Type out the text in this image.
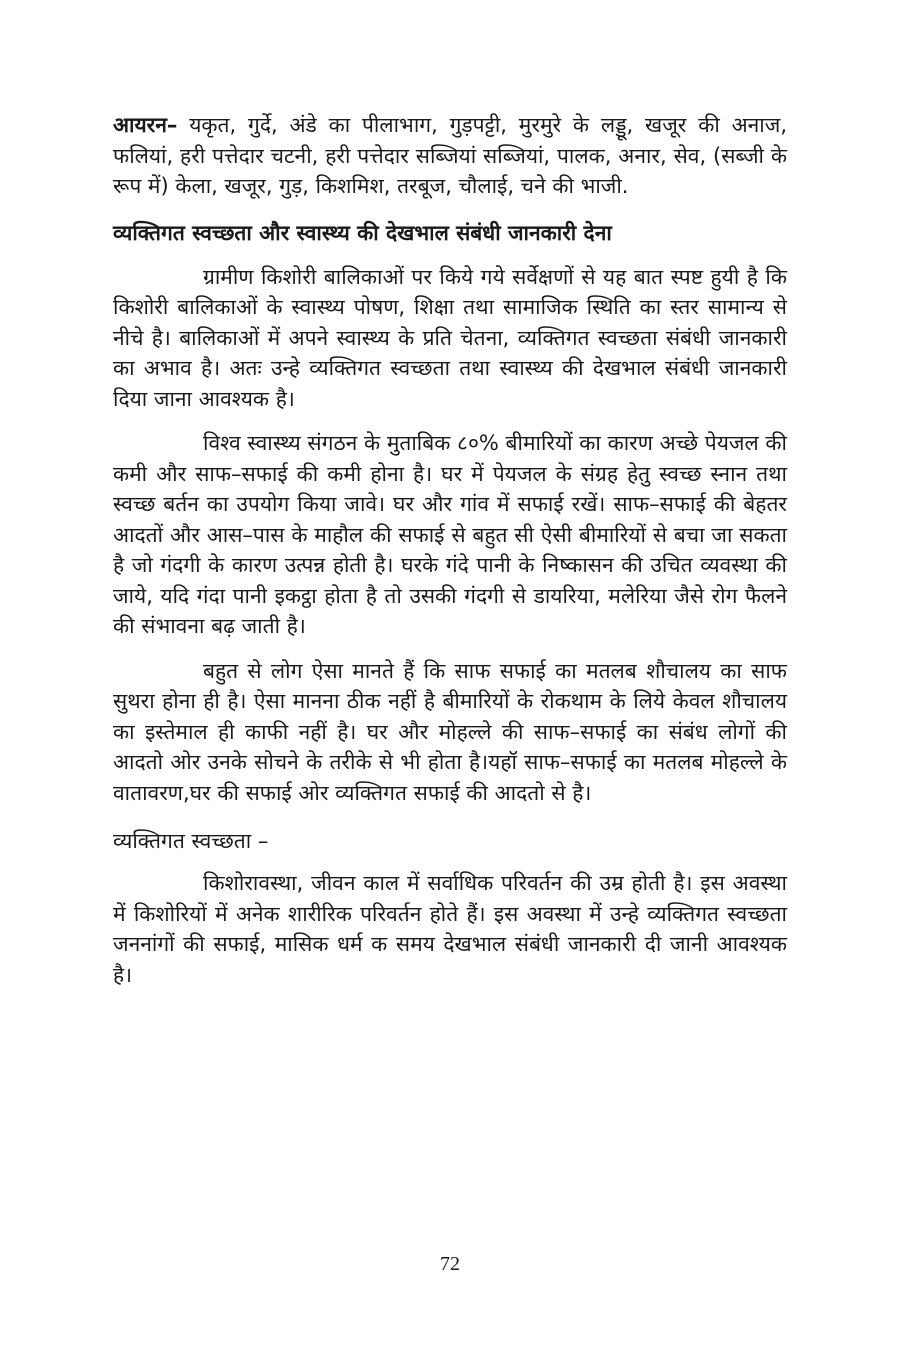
आयरन– यकृत, गुर्दे, अंडे का पीलाभाग, गुड़पट्टी, मुरमुरे के लड्डू, खजूर की अनाज, फलियां, हरी पत्तेदार चटनी, हरी पत्तेदार सब्जियां सब्जियां, पालक, अनार, सेव, (सब्जी के रूप में) केला, खजूर, गुड़, किशमिश, तरबूज, चौलाई, चने की भाजी.

व्यक्तिगत स्वच्छता और स्वास्थ्य की देखभाल संबंधी जानकारी देना

ग्रामीण किशोरी बालिकाओं पर किये गये सर्वेक्षणों से यह बात स्पष्ट हुयी है कि किशोरी बालिकाओं के स्वास्थ्य पोषण, शिक्षा तथा सामाजिक स्थिति का स्तर सामान्य से नीचे है। बालिकाओं में अपने स्वास्थ्य के प्रति चेतना, व्यक्तिगत स्वच्छता संबंधी जानकारी का अभाव है। अतः उन्हे व्यक्तिगत स्वच्छता तथा स्वास्थ्य की देखभाल संबंधी जानकारी दिया जाना आवश्यक है।

विश्व स्वास्थ्य संगठन के मुताबिक ८०% बीमारियों का कारण अच्छे पेयजल की कमी और साफ–सफाई की कमी होना है। घर में पेयजल के संग्रह हेतु स्वच्छ स्नान तथा स्वच्छ बर्तन का उपयोग किया जावे। घर और गांव में सफाई रखें। साफ–सफाई की बेहतर आदतों और आस–पास के माहौल की सफाई से बहुत सी ऐसी बीमारियों से बचा जा सकता है जो गंदगी के कारण उत्पन्न होती है। घरके गंदे पानी के निष्कासन की उचित व्यवस्था की जाये, यदि गंदा पानी इकट्ठा होता है तो उसकी गंदगी से डायरिया, मलेरिया जैसे रोग फैलने की संभावना बढ़ जाती है।

बहुत से लोग ऐसा मानते हैं कि साफ सफाई का मतलब शौचालय का साफ सुथरा होना ही है। ऐसा मानना ठीक नहीं है बीमारियों के रोकथाम के लिये केवल शौचालय का इस्तेमाल ही काफी नहीं है। घर और मोहल्ले की साफ–सफाई का संबंध लोगों की आदतो ओर उनके सोचने के तरीके से भी होता है।यहॉ साफ–सफाई का मतलब मोहल्ले के वातावरण,घर की सफाई ओर व्यक्तिगत सफाई की आदतो से है।

व्यक्तिगत स्वच्छता –

किशोरावस्था, जीवन काल में सर्वाधिक परिवर्तन की उम्र होती है। इस अवस्था में किशोरियों में अनेक शारीरिक परिवर्तन होते हैं। इस अवस्था में उन्हे व्यक्तिगत स्वच्छता जननांगों की सफाई, मासिक धर्म क समय देखभाल संबंधी जानकारी दी जानी आवश्यक है।

72
